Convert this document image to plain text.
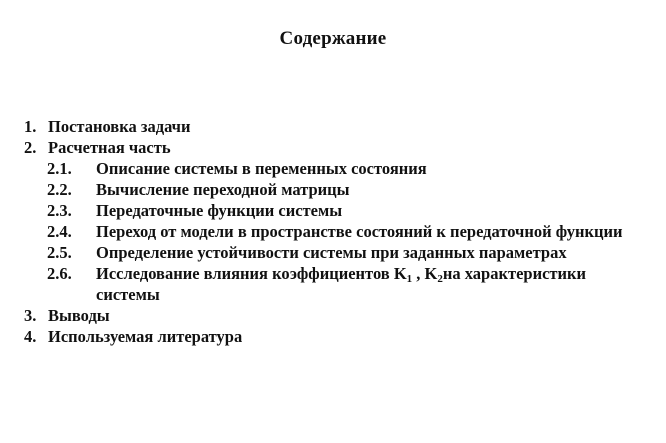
Содержание
1. Постановка задачи
2. Расчетная часть
2.1.	Описание системы в переменных состояния
2.2.	Вычисление переходной матрицы
2.3.	Передаточные функции системы
2.4.	Переход от модели в пространстве состояний к передаточной функции
2.5.	Определение устойчивости системы при заданных параметрах
2.6.	Исследование влияния коэффициентов $K_1$ , $K_2на$ характеристики системы
3. Выводы
4. Используемая литература
